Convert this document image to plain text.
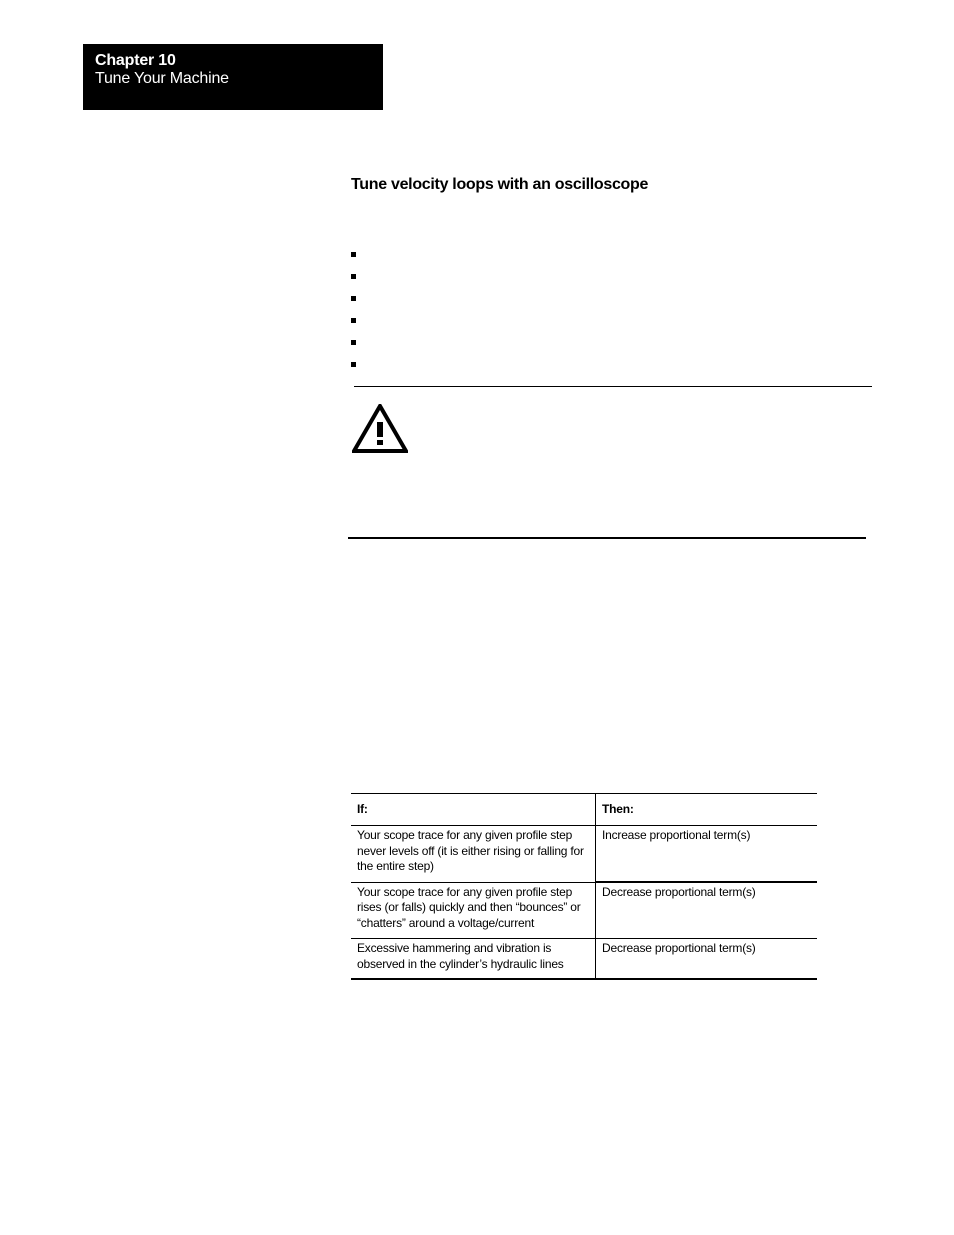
Chapter 10
Tune Your Machine
Tune velocity loops with an oscilloscope
If:	Then:
Your scope trace for any given profile step never levels off (it is either rising or falling for the entire step)	Increase proportional term(s)
Your scope trace for any given profile step rises (or falls) quickly and then “bounces” or “chatters” around a voltage/current	Decrease proportional term(s)
Excessive hammering and vibration is observed in the cylinder’s hydraulic lines	Decrease proportional term(s)
